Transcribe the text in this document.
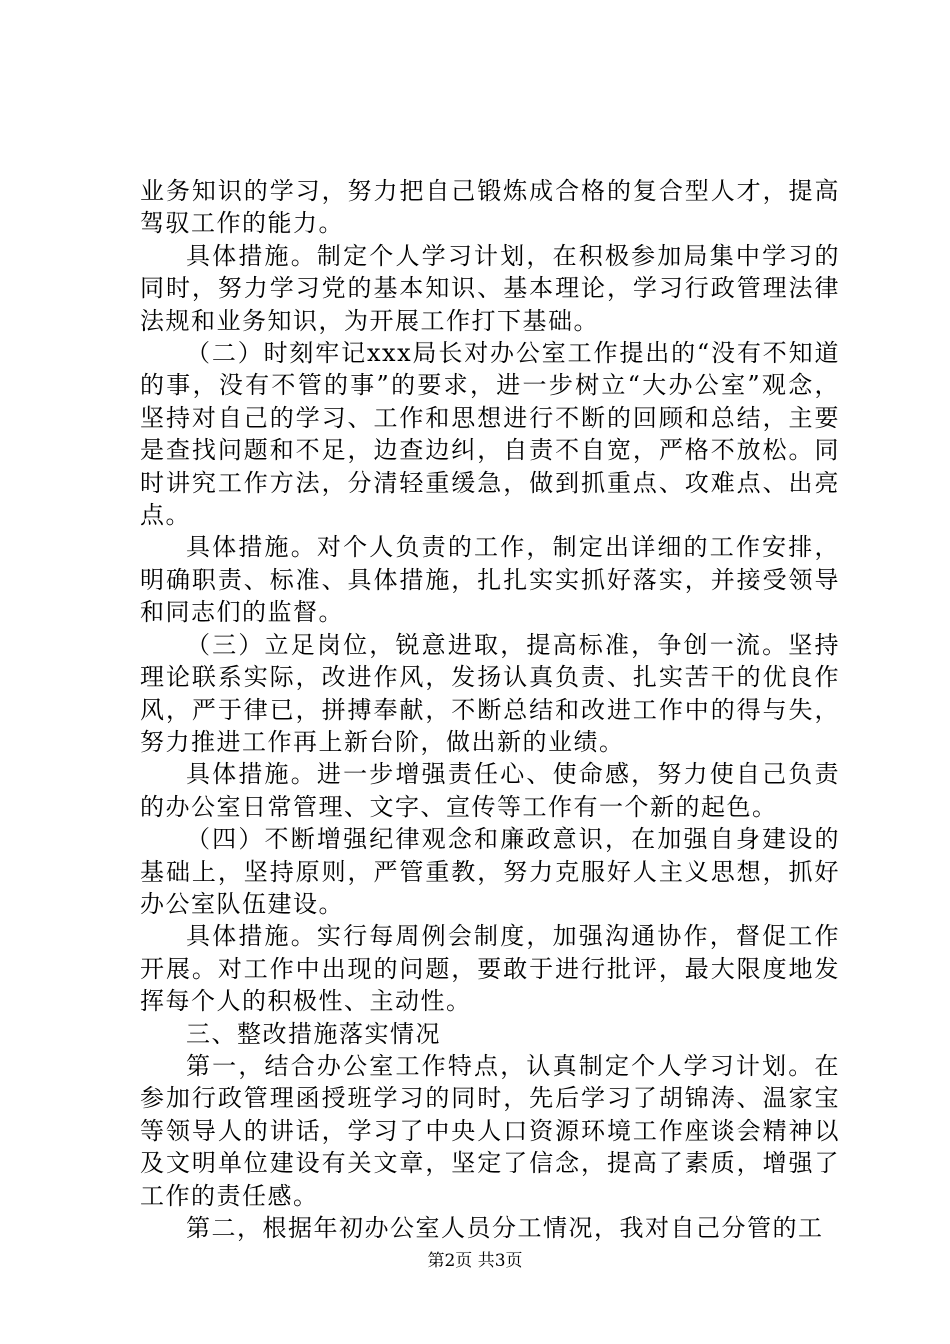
业务知识的学习，努力把自己锻炼成合格的复合型人才，提高驾驭工作的能力。

具体措施。制定个人学习计划，在积极参加局集中学习的同时，努力学习党的基本知识、基本理论，学习行政管理法律法规和业务知识，为开展工作打下基础。

（二）时刻牢记xxx局长对办公室工作提出的“没有不知道的事，没有不管的事”的要求，进一步树立“大办公室”观念，坚持对自己的学习、工作和思想进行不断的回顾和总结，主要是查找问题和不足，边查边纠，自责不自宽，严格不放松。同时讲究工作方法，分清轻重缓急，做到抓重点、攻难点、出亮点。

具体措施。对个人负责的工作，制定出详细的工作安排，明确职责、标准、具体措施，扎扎实实抓好落实，并接受领导和同志们的监督。

（三）立足岗位，锐意进取，提高标准，争创一流。坚持理论联系实际，改进作风，发扬认真负责、扎实苦干的优良作风，严于律已，拼搏奉献，不断总结和改进工作中的得与失，努力推进工作再上新台阶，做出新的业绩。

具体措施。进一步增强责任心、使命感，努力使自己负责的办公室日常管理、文字、宣传等工作有一个新的起色。

（四）不断增强纪律观念和廉政意识，在加强自身建设的基础上，坚持原则，严管重教，努力克服好人主义思想，抓好办公室队伍建设。

具体措施。实行每周例会制度，加强沟通协作，督促工作开展。对工作中出现的问题，要敢于进行批评，最大限度地发挥每个人的积极性、主动性。

三、整改措施落实情况

第一，结合办公室工作特点，认真制定个人学习计划。在参加行政管理函授班学习的同时，先后学习了胡锦涛、温家宝等领导人的讲话，学习了中央人口资源环境工作座谈会精神以及文明单位建设有关文章，坚定了信念，提高了素质，增强了工作的责任感。

第二，根据年初办公室人员分工情况，我对自己分管的工

第2页 共3页
